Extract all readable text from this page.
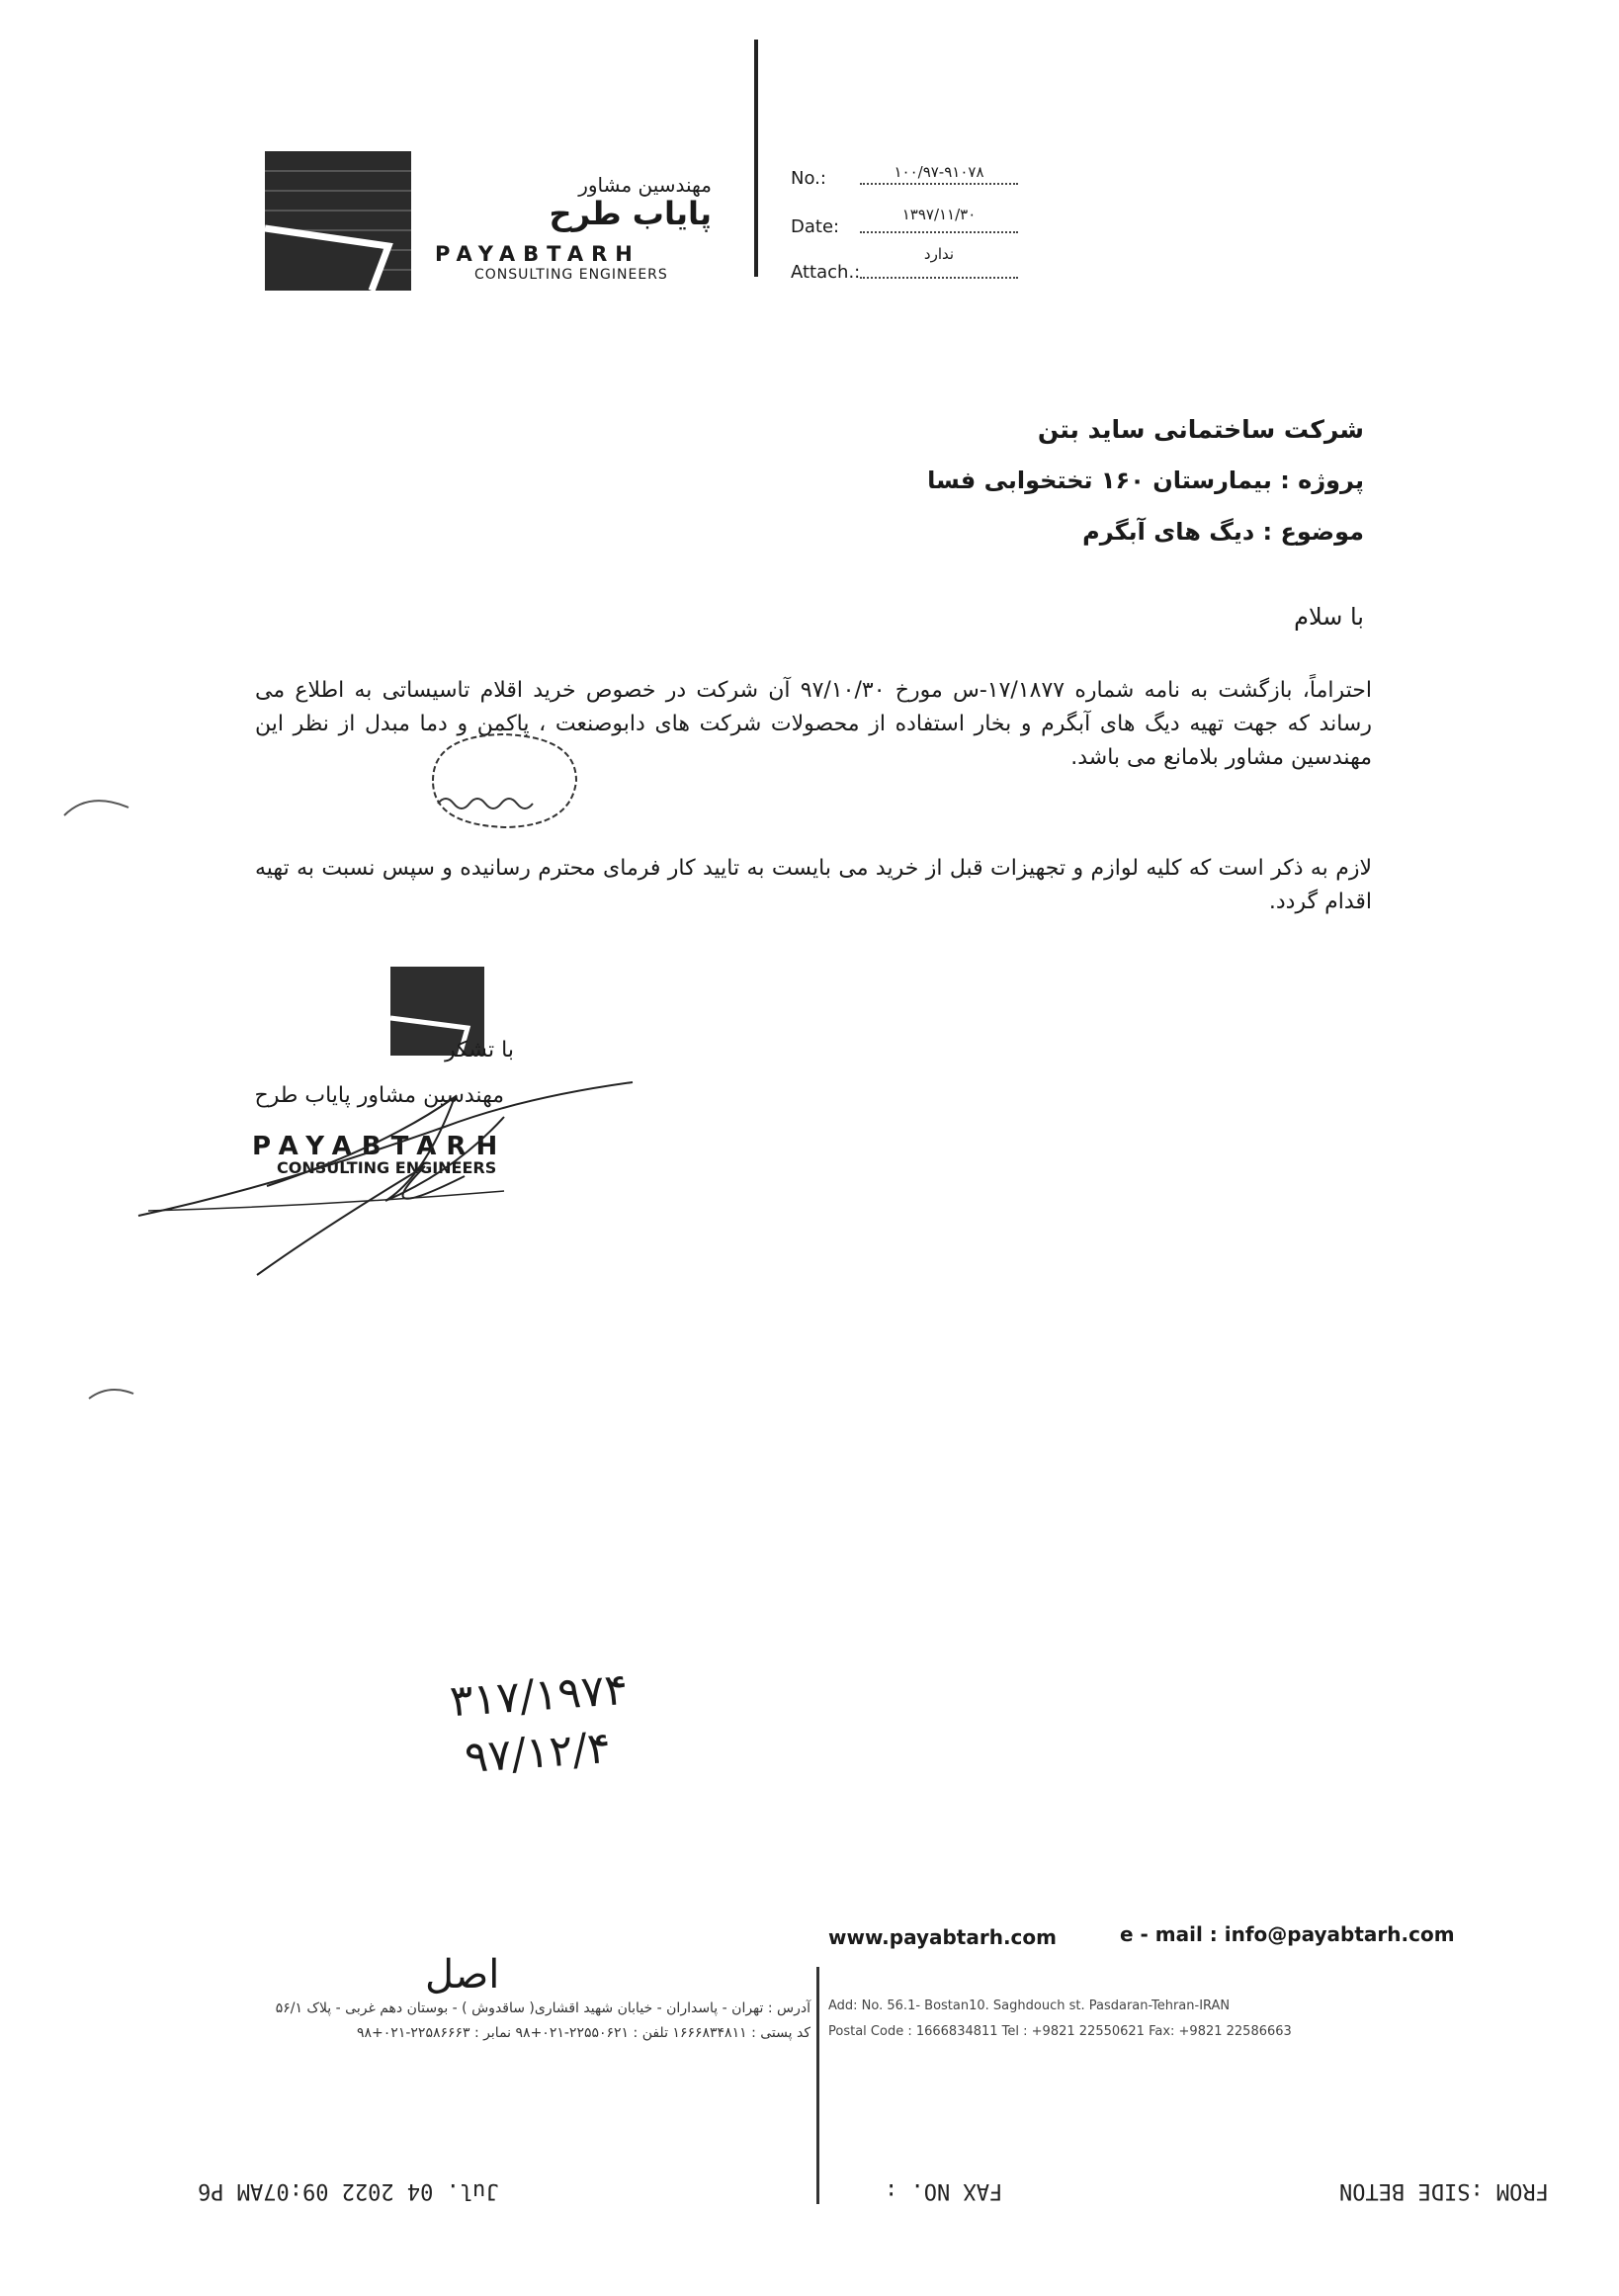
مهندسین مشاور
پایاب طرح
PAYABTARH
CONSULTING ENGINEERS
No.:	۱۰۰/۹۷-۹۱۰۷۸
Date:
۱۳۹۷/۱۱/۳۰
Attach.:
ندارد
شرکت ساختمانی ساید بتن
پروژه : بیمارستان ۱۶۰ تختخوابی فسا
موضوع : دیگ های آبگرم
با سلام
احتراماً، بازگشت به نامه شماره ۱۷/۱۸۷۷-س مورخ ۹۷/۱۰/۳۰ آن شرکت در خصوص خرید اقلام تاسیساتی به اطلاع می رساند که جهت تهیه دیگ های آبگرم و بخار استفاده از محصولات شرکت های دابوصنعت ، پاکمن و دما مبدل از نظر این مهندسین مشاور بلامانع می باشد.
لازم به ذکر است که کلیه لوازم و تجهیزات قبل از خرید می بایست به تایید کار فرمای محترم رسانیده و سپس نسبت به تهیه اقدام گردد.
با تشکر
مهندسین مشاور پایاب طرح
PAYABTARH
CONSULTING ENGINEERS
۳۱۷/۱۹۷۴
۹۷/۱۲/۴
اصل
www.payabtarh.com	e - mail : info@payabtarh.com
Add: No. 56.1- Bostan10. Saghdouch st. Pasdaran-Tehran-IRAN
Postal Code : 1666834811 Tel : +9821 22550621 Fax: +9821 22586663
آدرس : تهران - پاسداران - خیابان شهید اقشاری( ساقدوش ) - بوستان دهم غربی - پلاک ۵۶/۱
کد پستی : ۱۶۶۶۸۳۴۸۱۱ تلفن : ۲۲۵۵۰۶۲۱-۰۲۱+۹۸ نمابر : ۲۲۵۸۶۶۶۳-۰۲۱+۹۸
FROM :SIDE BETON
FAX NO. :
Jul. 04 2022 09:07AM P6
